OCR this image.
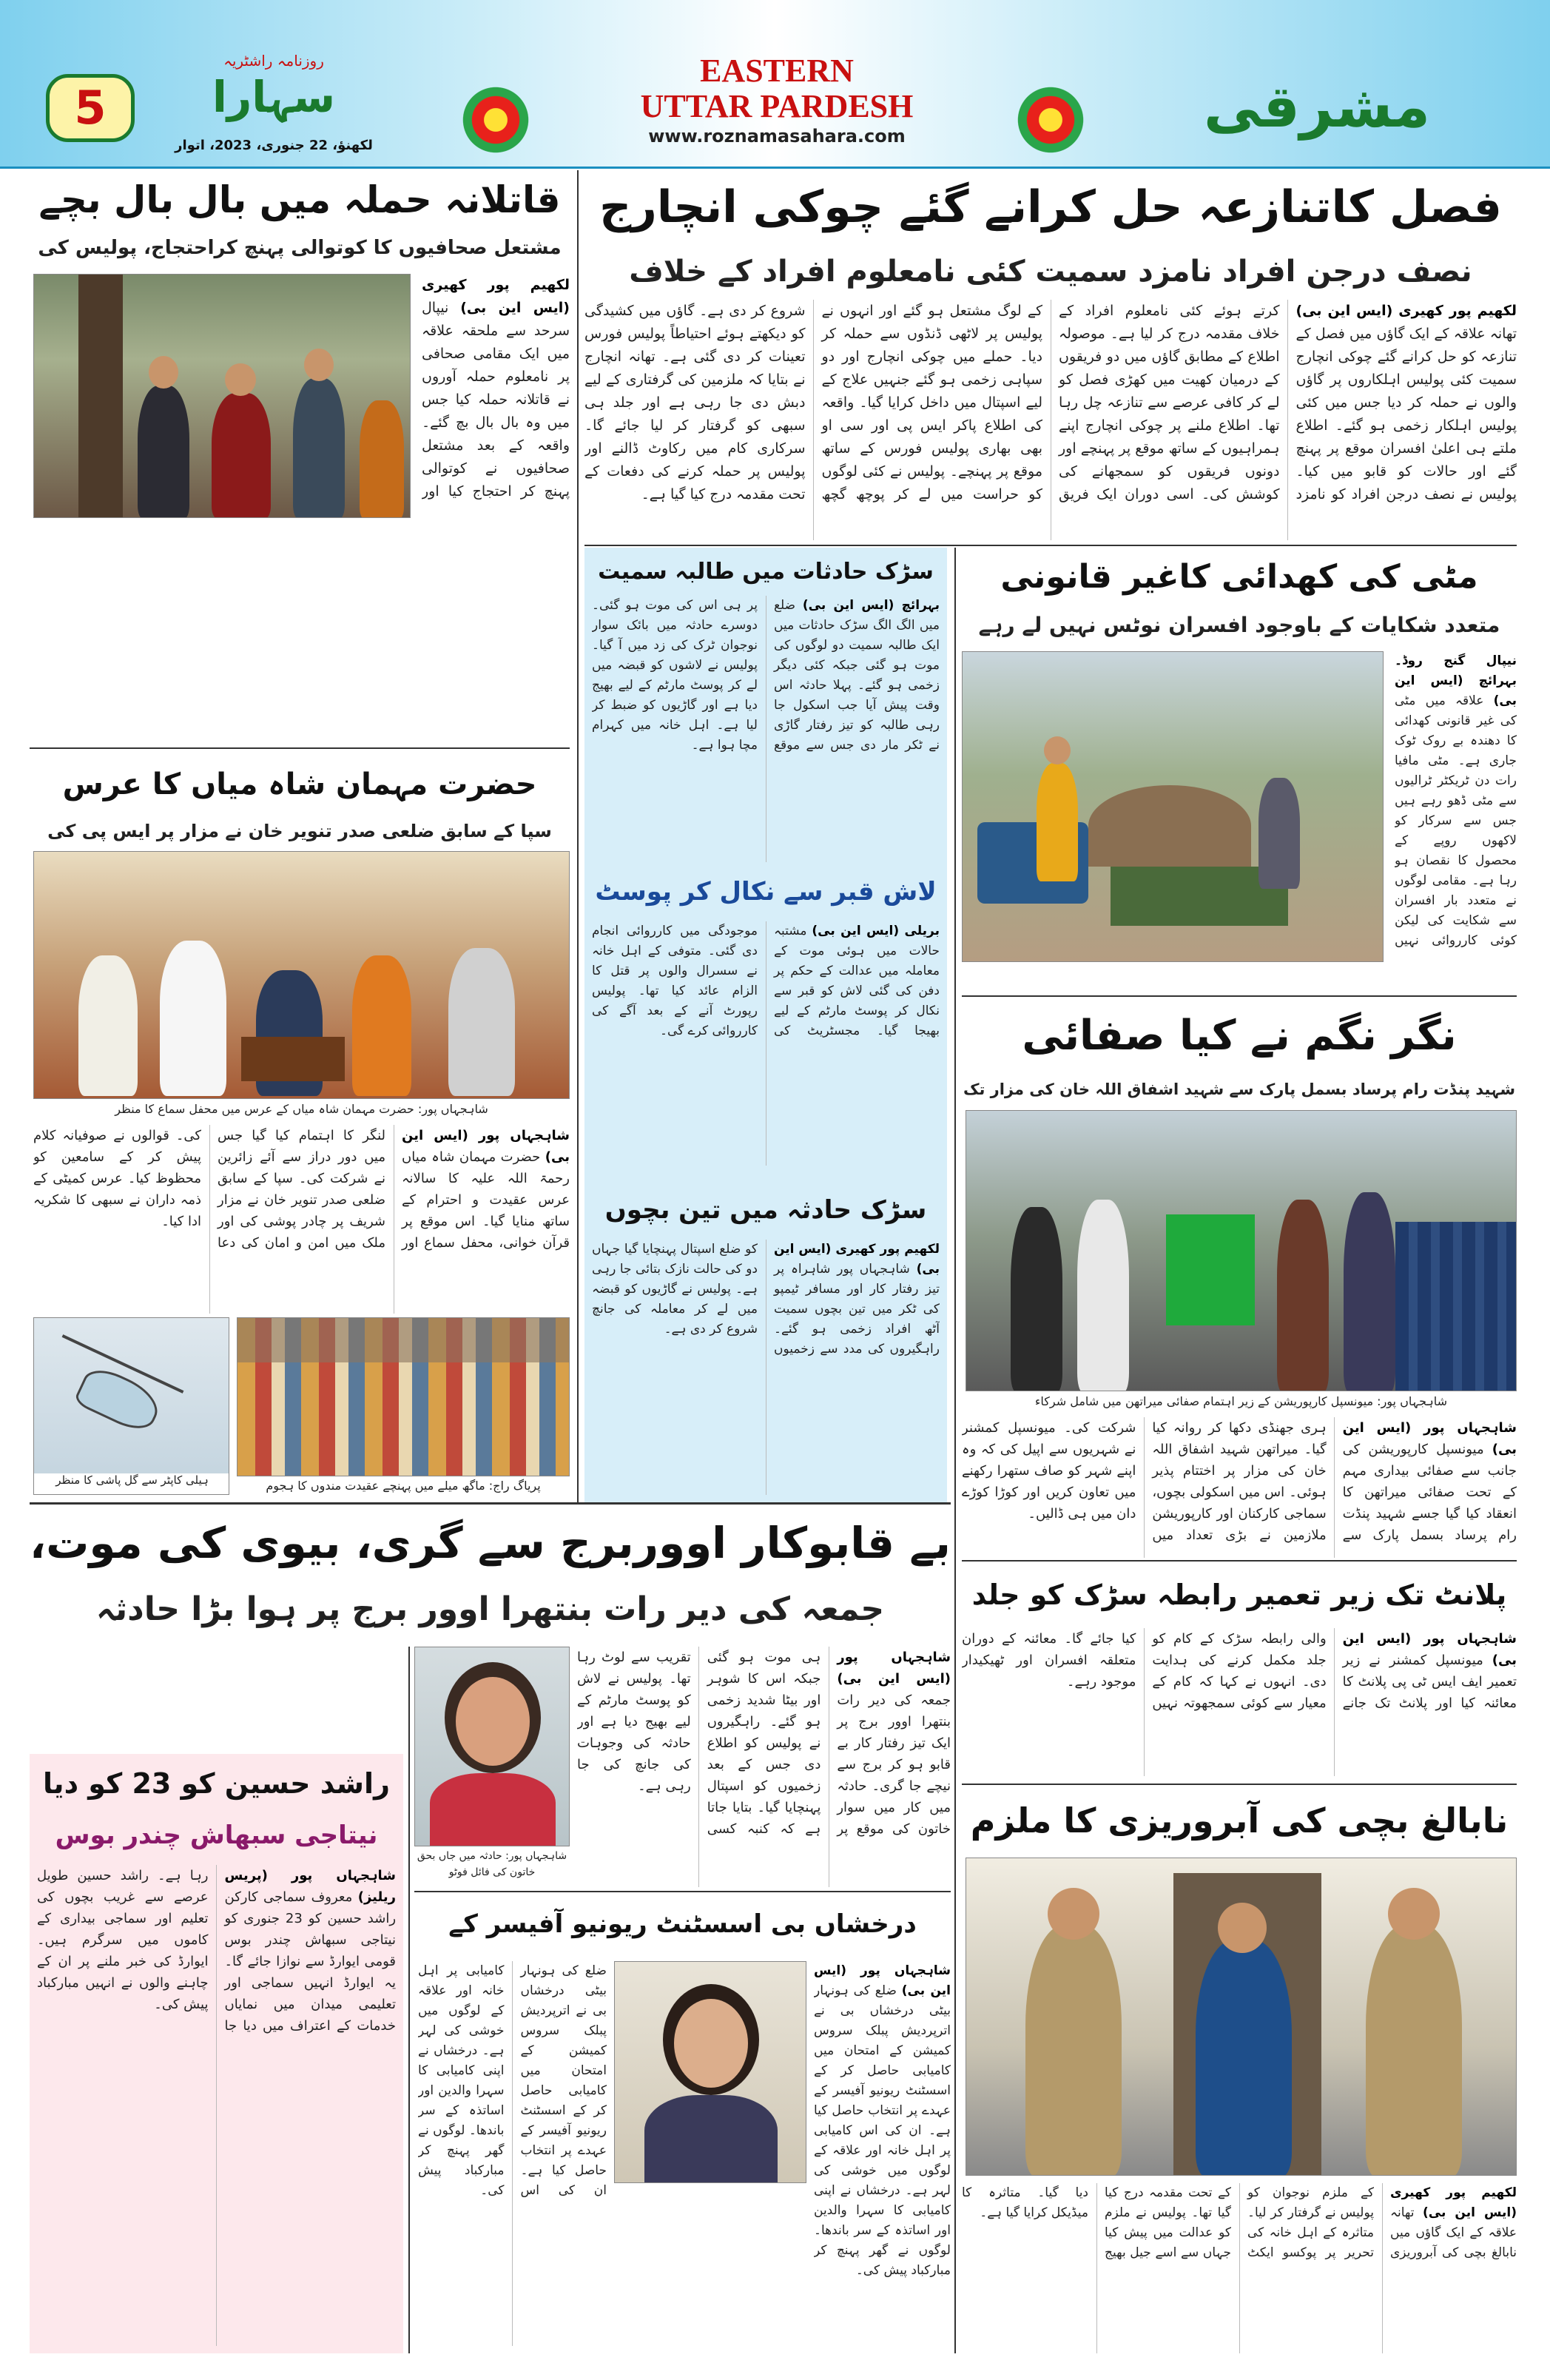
5
روزنامہ راشٹریہ
سہارا
لکھنؤ، 22 جنوری، 2023، اتوار
EASTERN
UTTAR PARDESH
www.roznamasahara.com	مشرقی
فصل کاتنازعہ حل کرانے گئے چوکی انچارج
نصف درجن افراد نامزد سمیت کئی نامعلوم افراد کے خلاف
لکھیم پور کھیری (ایس این بی) تھانہ علاقہ کے ایک گاؤں میں فصل کے تنازعہ کو حل کرانے گئے چوکی انچارج سمیت کئی پولیس اہلکاروں پر گاؤں والوں نے حملہ کر دیا جس میں کئی پولیس اہلکار زخمی ہو گئے۔ اطلاع ملتے ہی اعلیٰ افسران موقع پر پہنچ گئے اور حالات کو قابو میں کیا۔ پولیس نے نصف درجن افراد کو نامزد کرتے ہوئے کئی نامعلوم افراد کے خلاف مقدمہ درج کر لیا ہے۔ موصولہ اطلاع کے مطابق گاؤں میں دو فریقوں کے درمیان کھیت میں کھڑی فصل کو لے کر کافی عرصے سے تنازعہ چل رہا تھا۔ اطلاع ملنے پر چوکی انچارج اپنے ہمراہیوں کے ساتھ موقع پر پہنچے اور دونوں فریقوں کو سمجھانے کی کوشش کی۔ اسی دوران ایک فریق کے لوگ مشتعل ہو گئے اور انہوں نے پولیس پر لاٹھی ڈنڈوں سے حملہ کر دیا۔ حملے میں چوکی انچارج اور دو سپاہی زخمی ہو گئے جنہیں علاج کے لیے اسپتال میں داخل کرایا گیا۔ واقعہ کی اطلاع پاکر ایس پی اور سی او بھی بھاری پولیس فورس کے ساتھ موقع پر پہنچے۔ پولیس نے کئی لوگوں کو حراست میں لے کر پوچھ گچھ شروع کر دی ہے۔ گاؤں میں کشیدگی کو دیکھتے ہوئے احتیاطاً پولیس فورس تعینات کر دی گئی ہے۔ تھانہ انچارج نے بتایا کہ ملزمین کی گرفتاری کے لیے دبش دی جا رہی ہے اور جلد ہی سبھی کو گرفتار کر لیا جائے گا۔ سرکاری کام میں رکاوٹ ڈالنے اور پولیس پر حملہ کرنے کی دفعات کے تحت مقدمہ درج کیا گیا ہے۔
قاتلانہ حملہ میں بال بال بچے
مشتعل صحافیوں کا کوتوالی پہنچ کراحتجاج، پولیس کی
لکھیم پور کھیری (ایس این بی) نیپال سرحد سے ملحقہ علاقہ میں ایک مقامی صحافی پر نامعلوم حملہ آوروں نے قاتلانہ حملہ کیا جس میں وہ بال بال بچ گئے۔ واقعہ کے بعد مشتعل صحافیوں نے کوتوالی پہنچ کر احتجاج کیا اور
سڑک حادثات میں طالبہ سمیت
بہرائچ (ایس این بی) ضلع میں الگ الگ سڑک حادثات میں ایک طالبہ سمیت دو لوگوں کی موت ہو گئی جبکہ کئی دیگر زخمی ہو گئے۔ پہلا حادثہ اس وقت پیش آیا جب اسکول جا رہی طالبہ کو تیز رفتار گاڑی نے ٹکر مار دی جس سے موقع پر ہی اس کی موت ہو گئی۔ دوسرے حادثہ میں بائک سوار نوجوان ٹرک کی زد میں آ گیا۔ پولیس نے لاشوں کو قبضہ میں لے کر پوسٹ مارٹم کے لیے بھیج دیا ہے اور گاڑیوں کو ضبط کر لیا ہے۔ اہل خانہ میں کہرام مچا ہوا ہے۔
لاش قبر سے نکال کر پوسٹ
بریلی (ایس این بی) مشتبہ حالات میں ہوئی موت کے معاملہ میں عدالت کے حکم پر دفن کی گئی لاش کو قبر سے نکال کر پوسٹ مارٹم کے لیے بھیجا گیا۔ مجسٹریٹ کی موجودگی میں کارروائی انجام دی گئی۔ متوفی کے اہل خانہ نے سسرال والوں پر قتل کا الزام عائد کیا تھا۔ پولیس رپورٹ آنے کے بعد آگے کی کارروائی کرے گی۔
سڑک حادثہ میں تین بچوں
لکھیم پور کھیری (ایس این بی) شاہجہاں پور شاہراہ پر تیز رفتار کار اور مسافر ٹیمپو کی ٹکر میں تین بچوں سمیت آٹھ افراد زخمی ہو گئے۔ راہگیروں کی مدد سے زخمیوں کو ضلع اسپتال پہنچایا گیا جہاں دو کی حالت نازک بتائی جا رہی ہے۔ پولیس نے گاڑیوں کو قبضہ میں لے کر معاملہ کی جانچ شروع کر دی ہے۔
مٹی کی کھدائی کاغیر قانونی
متعدد شکایات کے باوجود افسران نوٹس نہیں لے رہے
نیپال گنج روڈ۔ بہرائچ (ایس این بی) علاقہ میں مٹی کی غیر قانونی کھدائی کا دھندہ بے روک ٹوک جاری ہے۔ مٹی مافیا رات دن ٹریکٹر ٹرالیوں سے مٹی ڈھو رہے ہیں جس سے سرکار کو لاکھوں روپے کے محصول کا نقصان ہو رہا ہے۔ مقامی لوگوں نے متعدد بار افسران سے شکایت کی لیکن کوئی کارروائی نہیں
حضرت مہمان شاہ میاں کا عرس
سپا کے سابق ضلعی صدر تنویر خان نے مزار پر ایس پی کی
شاہجہاں پور: حضرت مہمان شاہ میاں کے عرس میں محفل سماع کا منظر
شاہجہاں پور (ایس این بی) حضرت مہمان شاہ میاں رحمۃ اللہ علیہ کا سالانہ عرس عقیدت و احترام کے ساتھ منایا گیا۔ اس موقع پر قرآن خوانی، محفل سماع اور لنگر کا اہتمام کیا گیا جس میں دور دراز سے آئے زائرین نے شرکت کی۔ سپا کے سابق ضلعی صدر تنویر خان نے مزار شریف پر چادر پوشی کی اور ملک میں امن و امان کی دعا کی۔ قوالوں نے صوفیانہ کلام پیش کر کے سامعین کو محظوظ کیا۔ عرس کمیٹی کے ذمہ داران نے سبھی کا شکریہ ادا کیا۔
ہیلی کاپٹر سے گل پاشی کا منظر	پریاگ راج: ماگھ میلے میں پہنچے عقیدت مندوں کا ہجوم
نگر نگم نے کیا صفائی
شہید پنڈت رام پرساد بسمل پارک سے شہید اشفاق اللہ خان کی مزار تک
شاہجہاں پور: میونسپل کارپوریشن کے زیر اہتمام صفائی میراتھن میں شامل شرکاء
شاہجہاں پور (ایس این بی) میونسپل کارپوریشن کی جانب سے صفائی بیداری مہم کے تحت صفائی میراتھن کا انعقاد کیا گیا جسے شہید پنڈت رام پرساد بسمل پارک سے ہری جھنڈی دکھا کر روانہ کیا گیا۔ میراتھن شہید اشفاق اللہ خان کی مزار پر اختتام پذیر ہوئی۔ اس میں اسکولی بچوں، سماجی کارکنان اور کارپوریشن ملازمین نے بڑی تعداد میں شرکت کی۔ میونسپل کمشنر نے شہریوں سے اپیل کی کہ وہ اپنے شہر کو صاف ستھرا رکھنے میں تعاون کریں اور کوڑا کوڑے دان میں ہی ڈالیں۔
بے قابوکار اووربرج سے گری، بیوی کی موت،
جمعہ کی دیر رات بنتھرا اوور برج پر ہوا بڑا حادثہ
شاہجہاں پور (ایس این بی) جمعہ کی دیر رات بنتھرا اوور برج پر ایک تیز رفتار کار بے قابو ہو کر برج سے نیچے جا گری۔ حادثہ میں کار میں سوار خاتون کی موقع پر ہی موت ہو گئی جبکہ اس کا شوہر اور بیٹا شدید زخمی ہو گئے۔ راہگیروں نے پولیس کو اطلاع دی جس کے بعد زخمیوں کو اسپتال پہنچایا گیا۔ بتایا جاتا ہے کہ کنبہ کسی تقریب سے لوٹ رہا تھا۔ پولیس نے لاش کو پوسٹ مارٹم کے لیے بھیج دیا ہے اور حادثہ کی وجوہات کی جانچ کی جا رہی ہے۔
شاہجہاں پور: حادثہ میں جاں بحق خاتون کی فائل فوٹو
راشد حسین کو 23 کو دیا
نیتاجی سبھاش چندر بوس
شاہجہاں پور (پریس ریلیز) معروف سماجی کارکن راشد حسین کو 23 جنوری کو نیتاجی سبھاش چندر بوس قومی ایوارڈ سے نوازا جائے گا۔ یہ ایوارڈ انہیں سماجی اور تعلیمی میدان میں نمایاں خدمات کے اعتراف میں دیا جا رہا ہے۔ راشد حسین طویل عرصے سے غریب بچوں کی تعلیم اور سماجی بیداری کے کاموں میں سرگرم ہیں۔ ایوارڈ کی خبر ملنے پر ان کے چاہنے والوں نے انہیں مبارکباد پیش کی۔
درخشاں بی اسسٹنٹ ریونیو آفیسر کے
شاہجہاں پور (ایس این بی) ضلع کی ہونہار بیٹی درخشاں بی نے اترپردیش پبلک سروس کمیشن کے امتحان میں کامیابی حاصل کر کے اسسٹنٹ ریونیو آفیسر کے عہدے پر انتخاب حاصل کیا ہے۔ ان کی اس کامیابی پر اہل خانہ اور علاقہ کے لوگوں میں خوشی کی لہر ہے۔ درخشاں نے اپنی کامیابی کا سہرا والدین اور اساتذہ کے سر باندھا۔ لوگوں نے گھر پہنچ کر مبارکباد پیش کی۔
ضلع کی ہونہار بیٹی درخشاں بی نے اترپردیش پبلک سروس کمیشن کے امتحان میں کامیابی حاصل کر کے اسسٹنٹ ریونیو آفیسر کے عہدے پر انتخاب حاصل کیا ہے۔ ان کی اس کامیابی پر اہل خانہ اور علاقہ کے لوگوں میں خوشی کی لہر ہے۔ درخشاں نے اپنی کامیابی کا سہرا والدین اور اساتذہ کے سر باندھا۔ لوگوں نے گھر پہنچ کر مبارکباد پیش کی۔
پلانٹ تک زیر تعمیر رابطہ سڑک کو جلد
شاہجہاں پور (ایس این بی) میونسپل کمشنر نے زیر تعمیر ایف ایس ٹی پی پلانٹ کا معائنہ کیا اور پلانٹ تک جانے والی رابطہ سڑک کے کام کو جلد مکمل کرنے کی ہدایت دی۔ انہوں نے کہا کہ کام کے معیار سے کوئی سمجھوتہ نہیں کیا جائے گا۔ معائنہ کے دوران متعلقہ افسران اور ٹھیکیدار موجود رہے۔
نابالغ بچی کی آبروریزی کا ملزم
لکھیم پور کھیری (ایس این بی) تھانہ علاقہ کے ایک گاؤں میں نابالغ بچی کی آبروریزی کے ملزم نوجوان کو پولیس نے گرفتار کر لیا۔ متاثرہ کے اہل خانہ کی تحریر پر پوکسو ایکٹ کے تحت مقدمہ درج کیا گیا تھا۔ پولیس نے ملزم کو عدالت میں پیش کیا جہاں سے اسے جیل بھیج دیا گیا۔ متاثرہ کا میڈیکل کرایا گیا ہے۔
